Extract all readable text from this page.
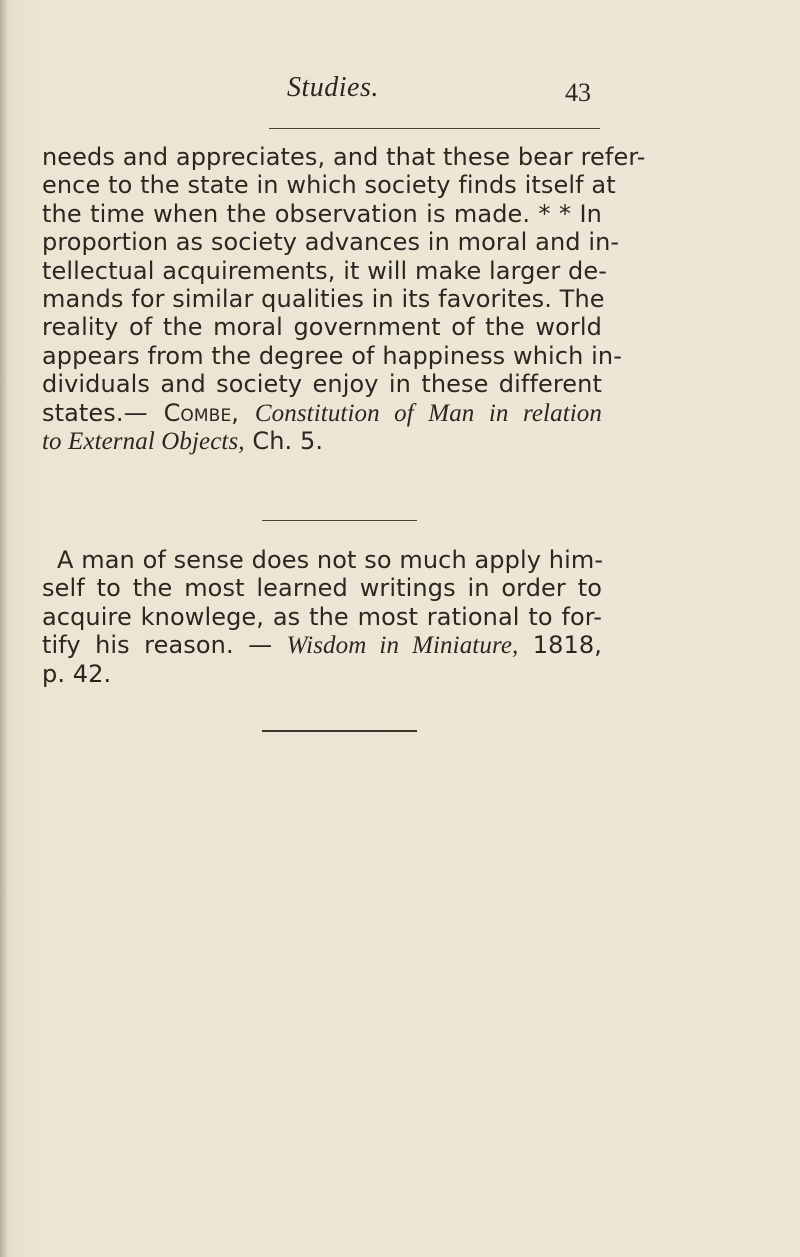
Studies.	43
needs and appreciates, and that these bear refer-
ence to the state in which society finds itself at
the time when the observation is made. * * In
proportion as society advances in moral and in-
tellectual acquirements, it will make larger de-
mands for similar qualities in its favorites. The
reality of the moral government of the world
appears from the degree of happiness which in-
dividuals and society enjoy in these different
states.— Combe, Constitution of Man in relation
to External Objects, Ch. 5.
A man of sense does not so much apply him-
self to the most learned writings in order to
acquire knowlege, as the most rational to for-
tify his reason. — Wisdom in Miniature, 1818,
p. 42.
